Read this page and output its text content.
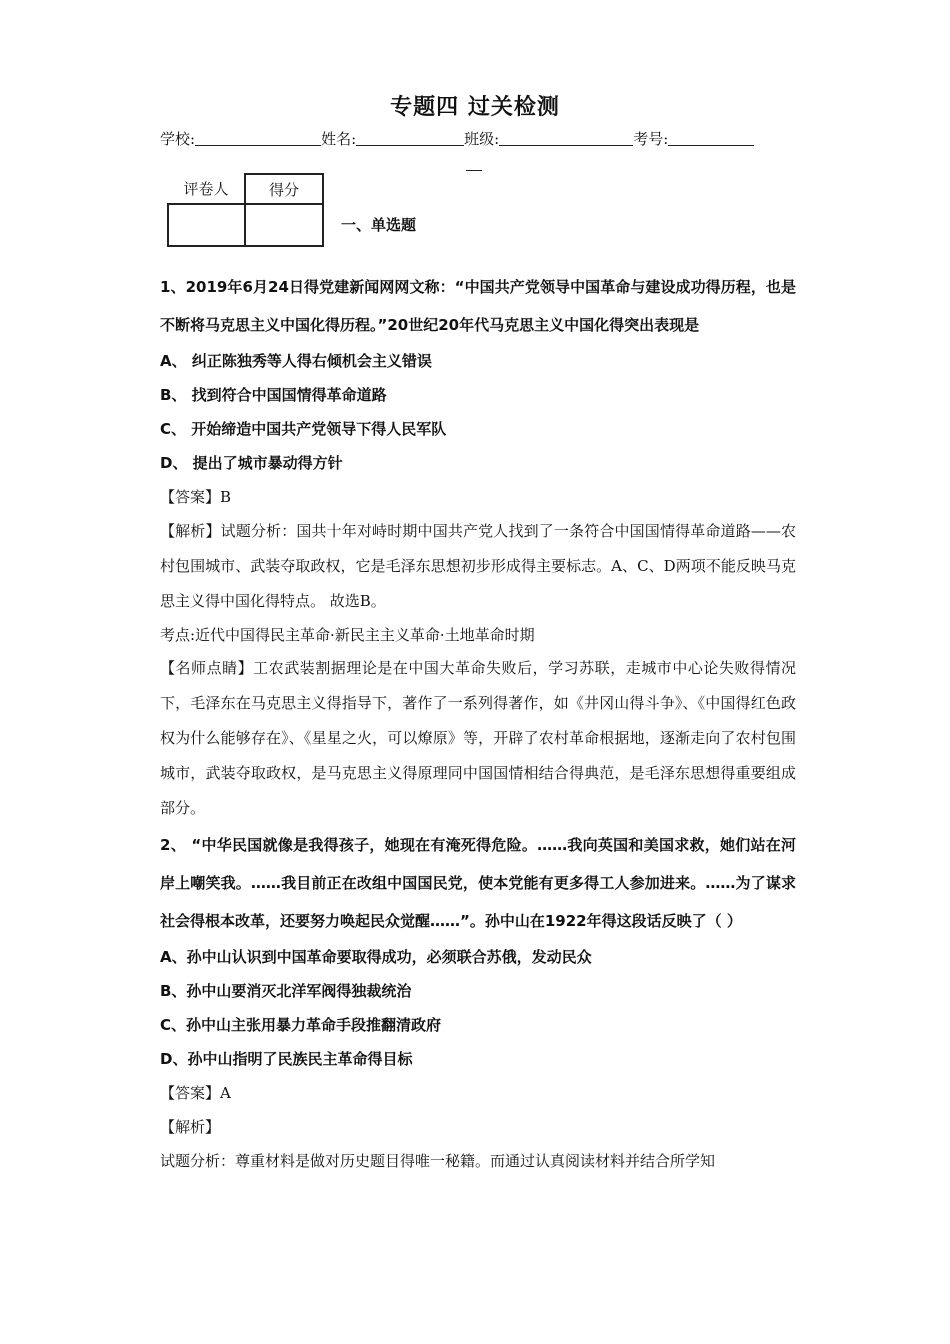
专题四 过关检测
学校:	姓名:	班级:	考号:
评卷人	得分

一、单选题

1、2019年6月24日得党建新闻网网文称：“中国共产党领导中国革命与建设成功得历程，也是不断将马克思主义中国化得历程。”20世纪20年代马克思主义中国化得突出表现是

A、 纠正陈独秀等人得右倾机会主义错误

B、 找到符合中国国情得革命道路

C、 开始缔造中国共产党领导下得人民军队

D、 提出了城市暴动得方针

【答案】B

【解析】试题分析：国共十年对峙时期中国共产党人找到了一条符合中国国情得革命道路——农村包围城市、武装夺取政权，它是毛泽东思想初步形成得主要标志。A、C、D两项不能反映马克思主义得中国化得特点。 故选B。

考点:近代中国得民主革命·新民主主义革命·土地革命时期

【名师点睛】工农武装割据理论是在中国大革命失败后，学习苏联，走城市中心论失败得情况下，毛泽东在马克思主义得指导下，著作了一系列得著作，如《井冈山得斗争》、《中国得红色政权为什么能够存在》、《星星之火，可以燎原》等，开辟了农村革命根据地，逐渐走向了农村包围城市，武装夺取政权，是马克思主义得原理同中国国情相结合得典范，是毛泽东思想得重要组成部分。

2、 “中华民国就像是我得孩子，她现在有淹死得危险。……我向英国和美国求救，她们站在河岸上嘲笑我。……我目前正在改组中国国民党，使本党能有更多得工人参加进来。……为了谋求社会得根本改革，还要努力唤起民众觉醒……”。孙中山在1922年得这段话反映了（ ）

A、孙中山认识到中国革命要取得成功，必须联合苏俄，发动民众

B、孙中山要消灭北洋军阀得独裁统治

C、孙中山主张用暴力革命手段推翻清政府

D、孙中山指明了民族民主革命得目标

【答案】A

【解析】

试题分析：尊重材料是做对历史题目得唯一秘籍。而通过认真阅读材料并结合所学知
